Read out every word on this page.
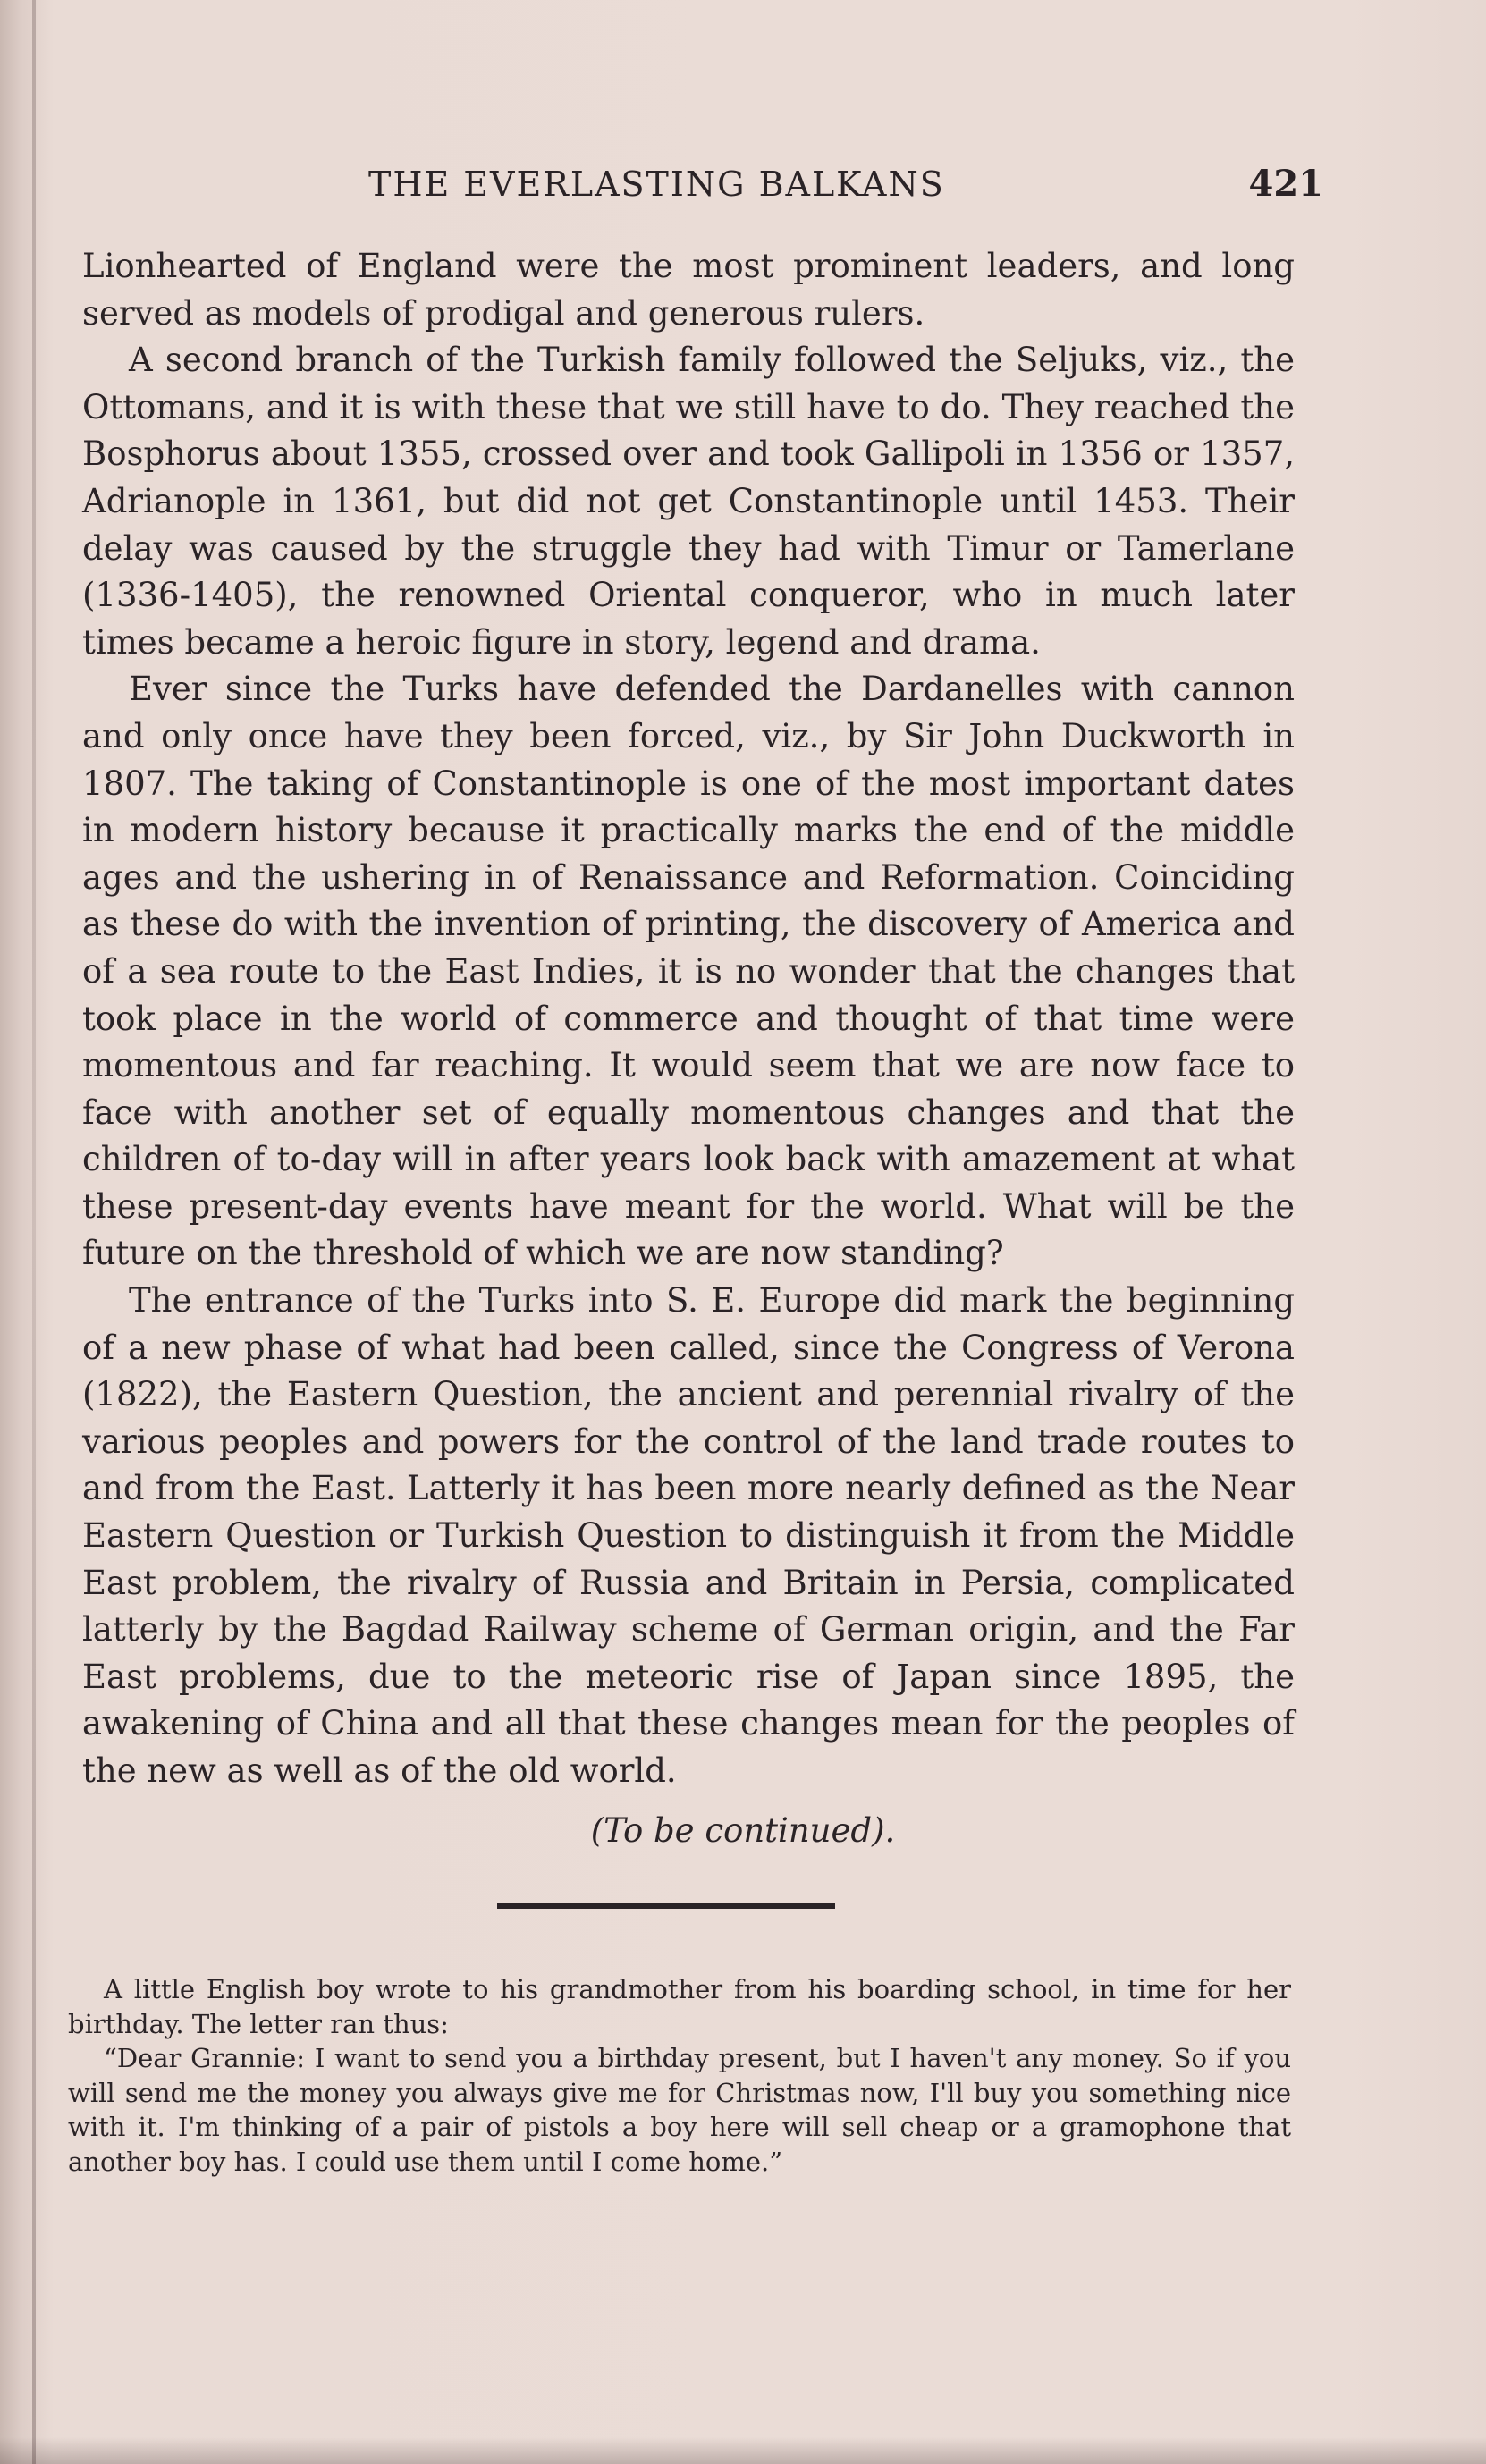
THE EVERLASTING BALKANS	421

Lionhearted of England were the most prominent leaders, and long served as models of prodigal and generous rulers.

A second branch of the Turkish family followed the Seljuks, viz., the Ottomans, and it is with these that we still have to do. They reached the Bosphorus about 1355, crossed over and took Gallipoli in 1356 or 1357, Adrianople in 1361, but did not get Constantinople until 1453. Their delay was caused by the struggle they had with Timur or Tamerlane (1336-1405), the renowned Oriental conqueror, who in much later times became a heroic figure in story, legend and drama.

Ever since the Turks have defended the Dardanelles with cannon and only once have they been forced, viz., by Sir John Duckworth in 1807. The taking of Constantinople is one of the most important dates in modern history because it practically marks the end of the middle ages and the ushering in of Renaissance and Reformation. Coinciding as these do with the invention of printing, the discovery of America and of a sea route to the East Indies, it is no wonder that the changes that took place in the world of commerce and thought of that time were momentous and far reaching. It would seem that we are now face to face with another set of equally momentous changes and that the children of to-day will in after years look back with amazement at what these present-day events have meant for the world. What will be the future on the threshold of which we are now standing?

The entrance of the Turks into S. E. Europe did mark the beginning of a new phase of what had been called, since the Congress of Verona (1822), the Eastern Question, the ancient and perennial rivalry of the various peoples and powers for the control of the land trade routes to and from the East. Latterly it has been more nearly defined as the Near Eastern Question or Turkish Question to distinguish it from the Middle East problem, the rivalry of Russia and Britain in Persia, complicated latterly by the Bagdad Railway scheme of German origin, and the Far East problems, due to the meteoric rise of Japan since 1895, the awakening of China and all that these changes mean for the peoples of the new as well as of the old world.

(To be continued).

A little English boy wrote to his grandmother from his boarding school, in time for her birthday. The letter ran thus:

“Dear Grannie: I want to send you a birthday present, but I haven't any money. So if you will send me the money you always give me for Christmas now, I'll buy you something nice with it. I'm thinking of a pair of pistols a boy here will sell cheap or a gramophone that another boy has. I could use them until I come home.”
